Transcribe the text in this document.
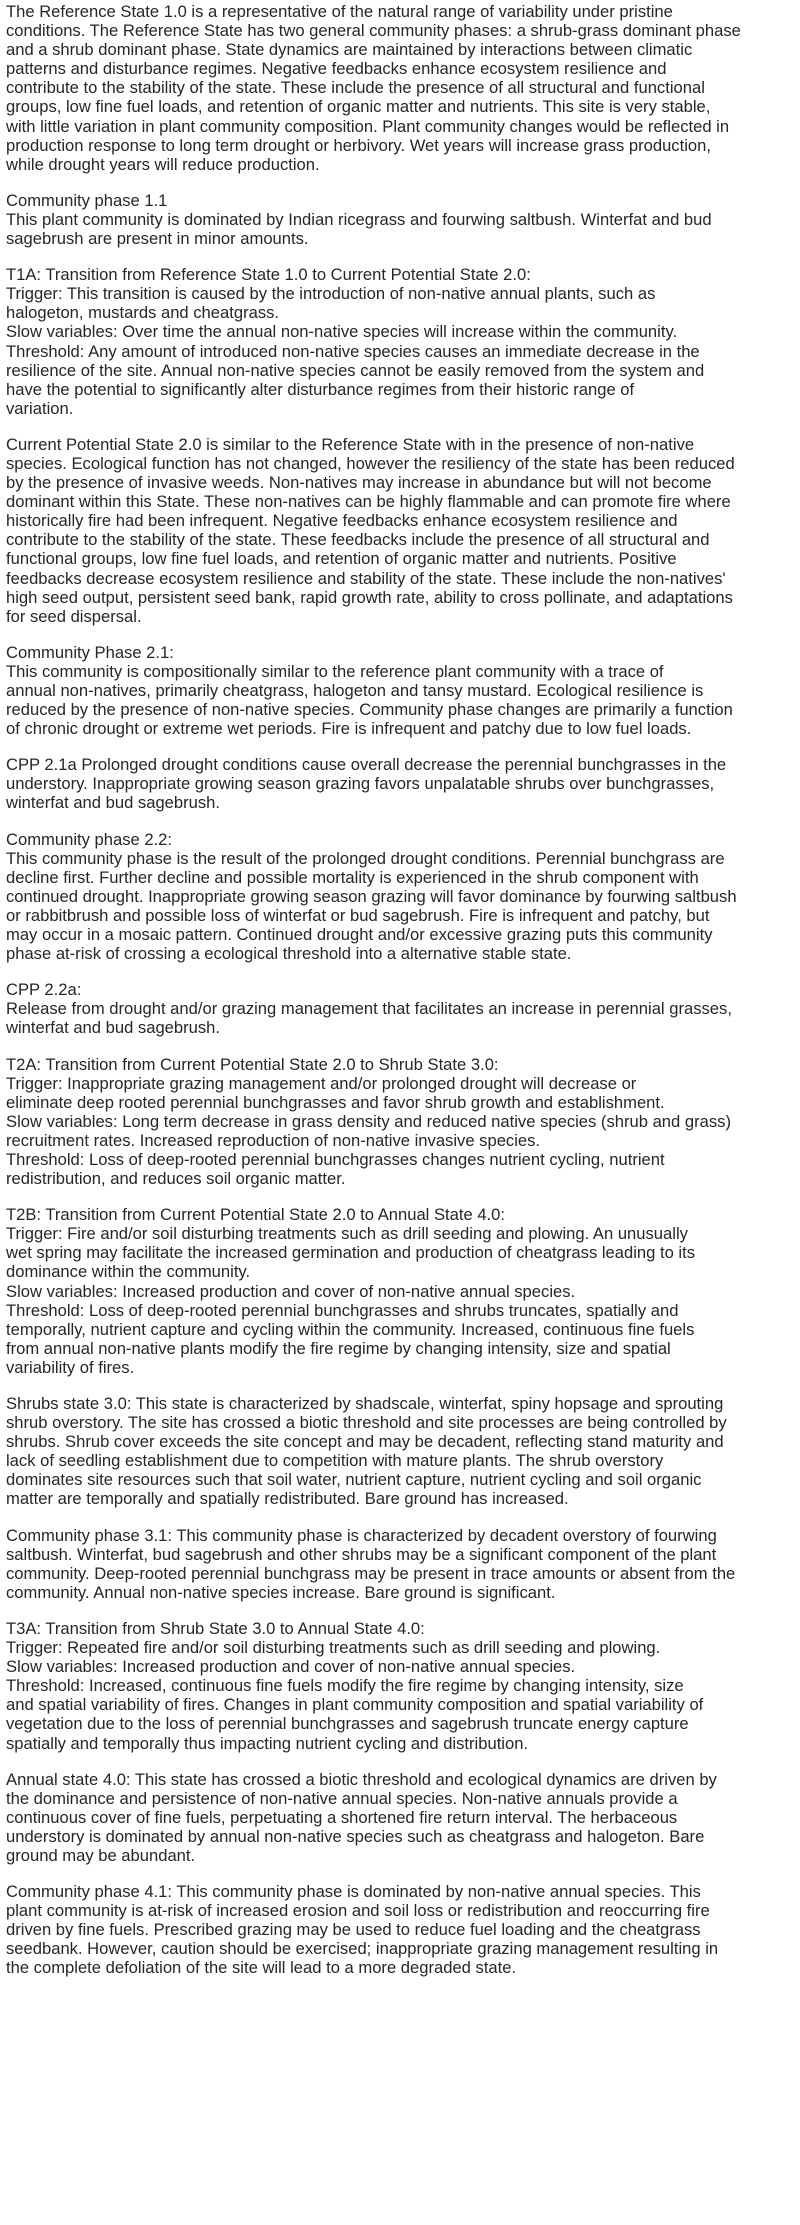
The Reference State 1.0 is a representative of the natural range of variability under pristine
conditions. The Reference State has two general community phases: a shrub-grass dominant phase
and a shrub dominant phase. State dynamics are maintained by interactions between climatic
patterns and disturbance regimes. Negative feedbacks enhance ecosystem resilience and
contribute to the stability of the state. These include the presence of all structural and functional
groups, low fine fuel loads, and retention of organic matter and nutrients. This site is very stable,
with little variation in plant community composition. Plant community changes would be reflected in
production response to long term drought or herbivory. Wet years will increase grass production,
while drought years will reduce production.
Community phase 1.1
This plant community is dominated by Indian ricegrass and fourwing saltbush. Winterfat and bud
sagebrush are present in minor amounts.
T1A: Transition from Reference State 1.0 to Current Potential State 2.0:
Trigger: This transition is caused by the introduction of non-native annual plants, such as
halogeton, mustards and cheatgrass.
Slow variables: Over time the annual non-native species will increase within the community.
Threshold: Any amount of introduced non-native species causes an immediate decrease in the
resilience of the site. Annual non-native species cannot be easily removed from the system and
have the potential to significantly alter disturbance regimes from their historic range of
variation.
Current Potential State 2.0 is similar to the Reference State with in the presence of non-native
species. Ecological function has not changed, however the resiliency of the state has been reduced
by the presence of invasive weeds. Non-natives may increase in abundance but will not become
dominant within this State. These non-natives can be highly flammable and can promote fire where
historically fire had been infrequent. Negative feedbacks enhance ecosystem resilience and
contribute to the stability of the state. These feedbacks include the presence of all structural and
functional groups, low fine fuel loads, and retention of organic matter and nutrients. Positive
feedbacks decrease ecosystem resilience and stability of the state. These include the non-natives'
high seed output, persistent seed bank, rapid growth rate, ability to cross pollinate, and adaptations
for seed dispersal.
Community Phase 2.1:
This community is compositionally similar to the reference plant community with a trace of
annual non-natives, primarily cheatgrass, halogeton and tansy mustard. Ecological resilience is
reduced by the presence of non-native species. Community phase changes are primarily a function
of chronic drought or extreme wet periods. Fire is infrequent and patchy due to low fuel loads.
CPP 2.1a Prolonged drought conditions cause overall decrease the perennial bunchgrasses in the
understory. Inappropriate growing season grazing favors unpalatable shrubs over bunchgrasses,
winterfat and bud sagebrush.
Community phase 2.2:
This community phase is the result of the prolonged drought conditions. Perennial bunchgrass are
decline first. Further decline and possible mortality is experienced in the shrub component with
continued drought. Inappropriate growing season grazing will favor dominance by fourwing saltbush
or rabbitbrush and possible loss of winterfat or bud sagebrush. Fire is infrequent and patchy, but
may occur in a mosaic pattern. Continued drought and/or excessive grazing puts this community
phase at-risk of crossing a ecological threshold into a alternative stable state.
CPP 2.2a:
Release from drought and/or grazing management that facilitates an increase in perennial grasses,
winterfat and bud sagebrush.
T2A: Transition from Current Potential State 2.0 to Shrub State 3.0:
Trigger: Inappropriate grazing management and/or prolonged drought will decrease or
eliminate deep rooted perennial bunchgrasses and favor shrub growth and establishment.
Slow variables: Long term decrease in grass density and reduced native species (shrub and grass)
recruitment rates. Increased reproduction of non-native invasive species.
Threshold: Loss of deep-rooted perennial bunchgrasses changes nutrient cycling, nutrient
redistribution, and reduces soil organic matter.
T2B: Transition from Current Potential State 2.0 to Annual State 4.0:
Trigger: Fire and/or soil disturbing treatments such as drill seeding and plowing. An unusually
wet spring may facilitate the increased germination and production of cheatgrass leading to its
dominance within the community.
Slow variables: Increased production and cover of non-native annual species.
Threshold: Loss of deep-rooted perennial bunchgrasses and shrubs truncates, spatially and
temporally, nutrient capture and cycling within the community. Increased, continuous fine fuels
from annual non-native plants modify the fire regime by changing intensity, size and spatial
variability of fires.
Shrubs state 3.0: This state is characterized by shadscale, winterfat, spiny hopsage and sprouting
shrub overstory. The site has crossed a biotic threshold and site processes are being controlled by
shrubs. Shrub cover exceeds the site concept and may be decadent, reflecting stand maturity and
lack of seedling establishment due to competition with mature plants. The shrub overstory
dominates site resources such that soil water, nutrient capture, nutrient cycling and soil organic
matter are temporally and spatially redistributed. Bare ground has increased.
Community phase 3.1: This community phase is characterized by decadent overstory of fourwing
saltbush. Winterfat, bud sagebrush and other shrubs may be a significant component of the plant
community. Deep-rooted perennial bunchgrass may be present in trace amounts or absent from the
community. Annual non-native species increase. Bare ground is significant.
T3A: Transition from Shrub State 3.0 to Annual State 4.0:
Trigger: Repeated fire and/or soil disturbing treatments such as drill seeding and plowing.
Slow variables: Increased production and cover of non-native annual species.
Threshold: Increased, continuous fine fuels modify the fire regime by changing intensity, size
and spatial variability of fires. Changes in plant community composition and spatial variability of
vegetation due to the loss of perennial bunchgrasses and sagebrush truncate energy capture
spatially and temporally thus impacting nutrient cycling and distribution.
Annual state 4.0: This state has crossed a biotic threshold and ecological dynamics are driven by
the dominance and persistence of non-native annual species. Non-native annuals provide a
continuous cover of fine fuels, perpetuating a shortened fire return interval. The herbaceous
understory is dominated by annual non-native species such as cheatgrass and halogeton. Bare
ground may be abundant.
Community phase 4.1: This community phase is dominated by non-native annual species. This
plant community is at-risk of increased erosion and soil loss or redistribution and reoccurring fire
driven by fine fuels. Prescribed grazing may be used to reduce fuel loading and the cheatgrass
seedbank. However, caution should be exercised; inappropriate grazing management resulting in
the complete defoliation of the site will lead to a more degraded state.
